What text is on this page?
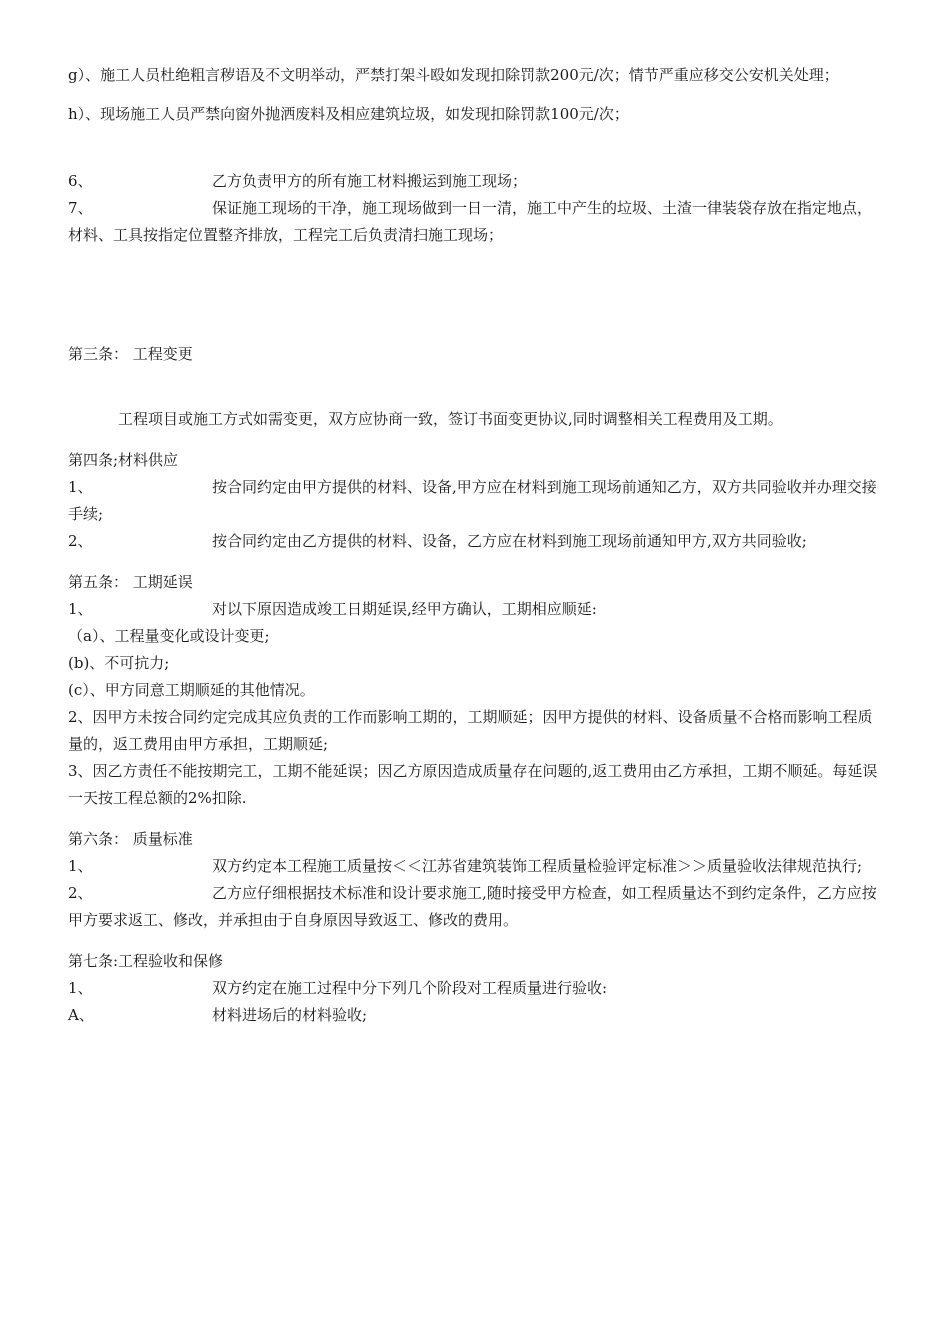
g）、施工人员杜绝粗言秽语及不文明举动，严禁打架斗殴如发现扣除罚款200元/次；情节严重应移交公安机关处理；
h）、现场施工人员严禁向窗外抛洒废料及相应建筑垃圾，如发现扣除罚款100元/次；
6、	乙方负责甲方的所有施工材料搬运到施工现场；
7、	保证施工现场的干净，施工现场做到一日一清，施工中产生的垃圾、土渣一律装袋存放在指定地点，材料、工具按指定位置整齐排放，工程完工后负责清扫施工现场；
第三条： 工程变更
工程项目或施工方式如需变更，双方应协商一致，签订书面变更协议,同时调整相关工程费用及工期。
第四条;材料供应
1、	按合同约定由甲方提供的材料、设备,甲方应在材料到施工现场前通知乙方，双方共同验收并办理交接手续;
2、	按合同约定由乙方提供的材料、设备，乙方应在材料到施工现场前通知甲方,双方共同验收;
第五条： 工期延误
1、	对以下原因造成竣工日期延误,经甲方确认，工期相应顺延:
（a）、工程量变化或设计变更;
(b)、不可抗力;
(c）、甲方同意工期顺延的其他情况。
2、因甲方未按合同约定完成其应负责的工作而影响工期的，工期顺延；因甲方提供的材料、设备质量不合格而影响工程质量的，返工费用由甲方承担，工期顺延;
3、因乙方责任不能按期完工，工期不能延误；因乙方原因造成质量存在问题的,返工费用由乙方承担，工期不顺延。每延误一天按工程总额的2%扣除.
第六条： 质量标准
1、	双方约定本工程施工质量按＜＜江苏省建筑装饰工程质量检验评定标准＞＞质量验收法律规范执行;
2、	乙方应仔细根据技术标准和设计要求施工,随时接受甲方检查，如工程质量达不到约定条件，乙方应按甲方要求返工、修改，并承担由于自身原因导致返工、修改的费用。
第七条:工程验收和保修
1、	双方约定在施工过程中分下列几个阶段对工程质量进行验收:
A、	材料进场后的材料验收;
